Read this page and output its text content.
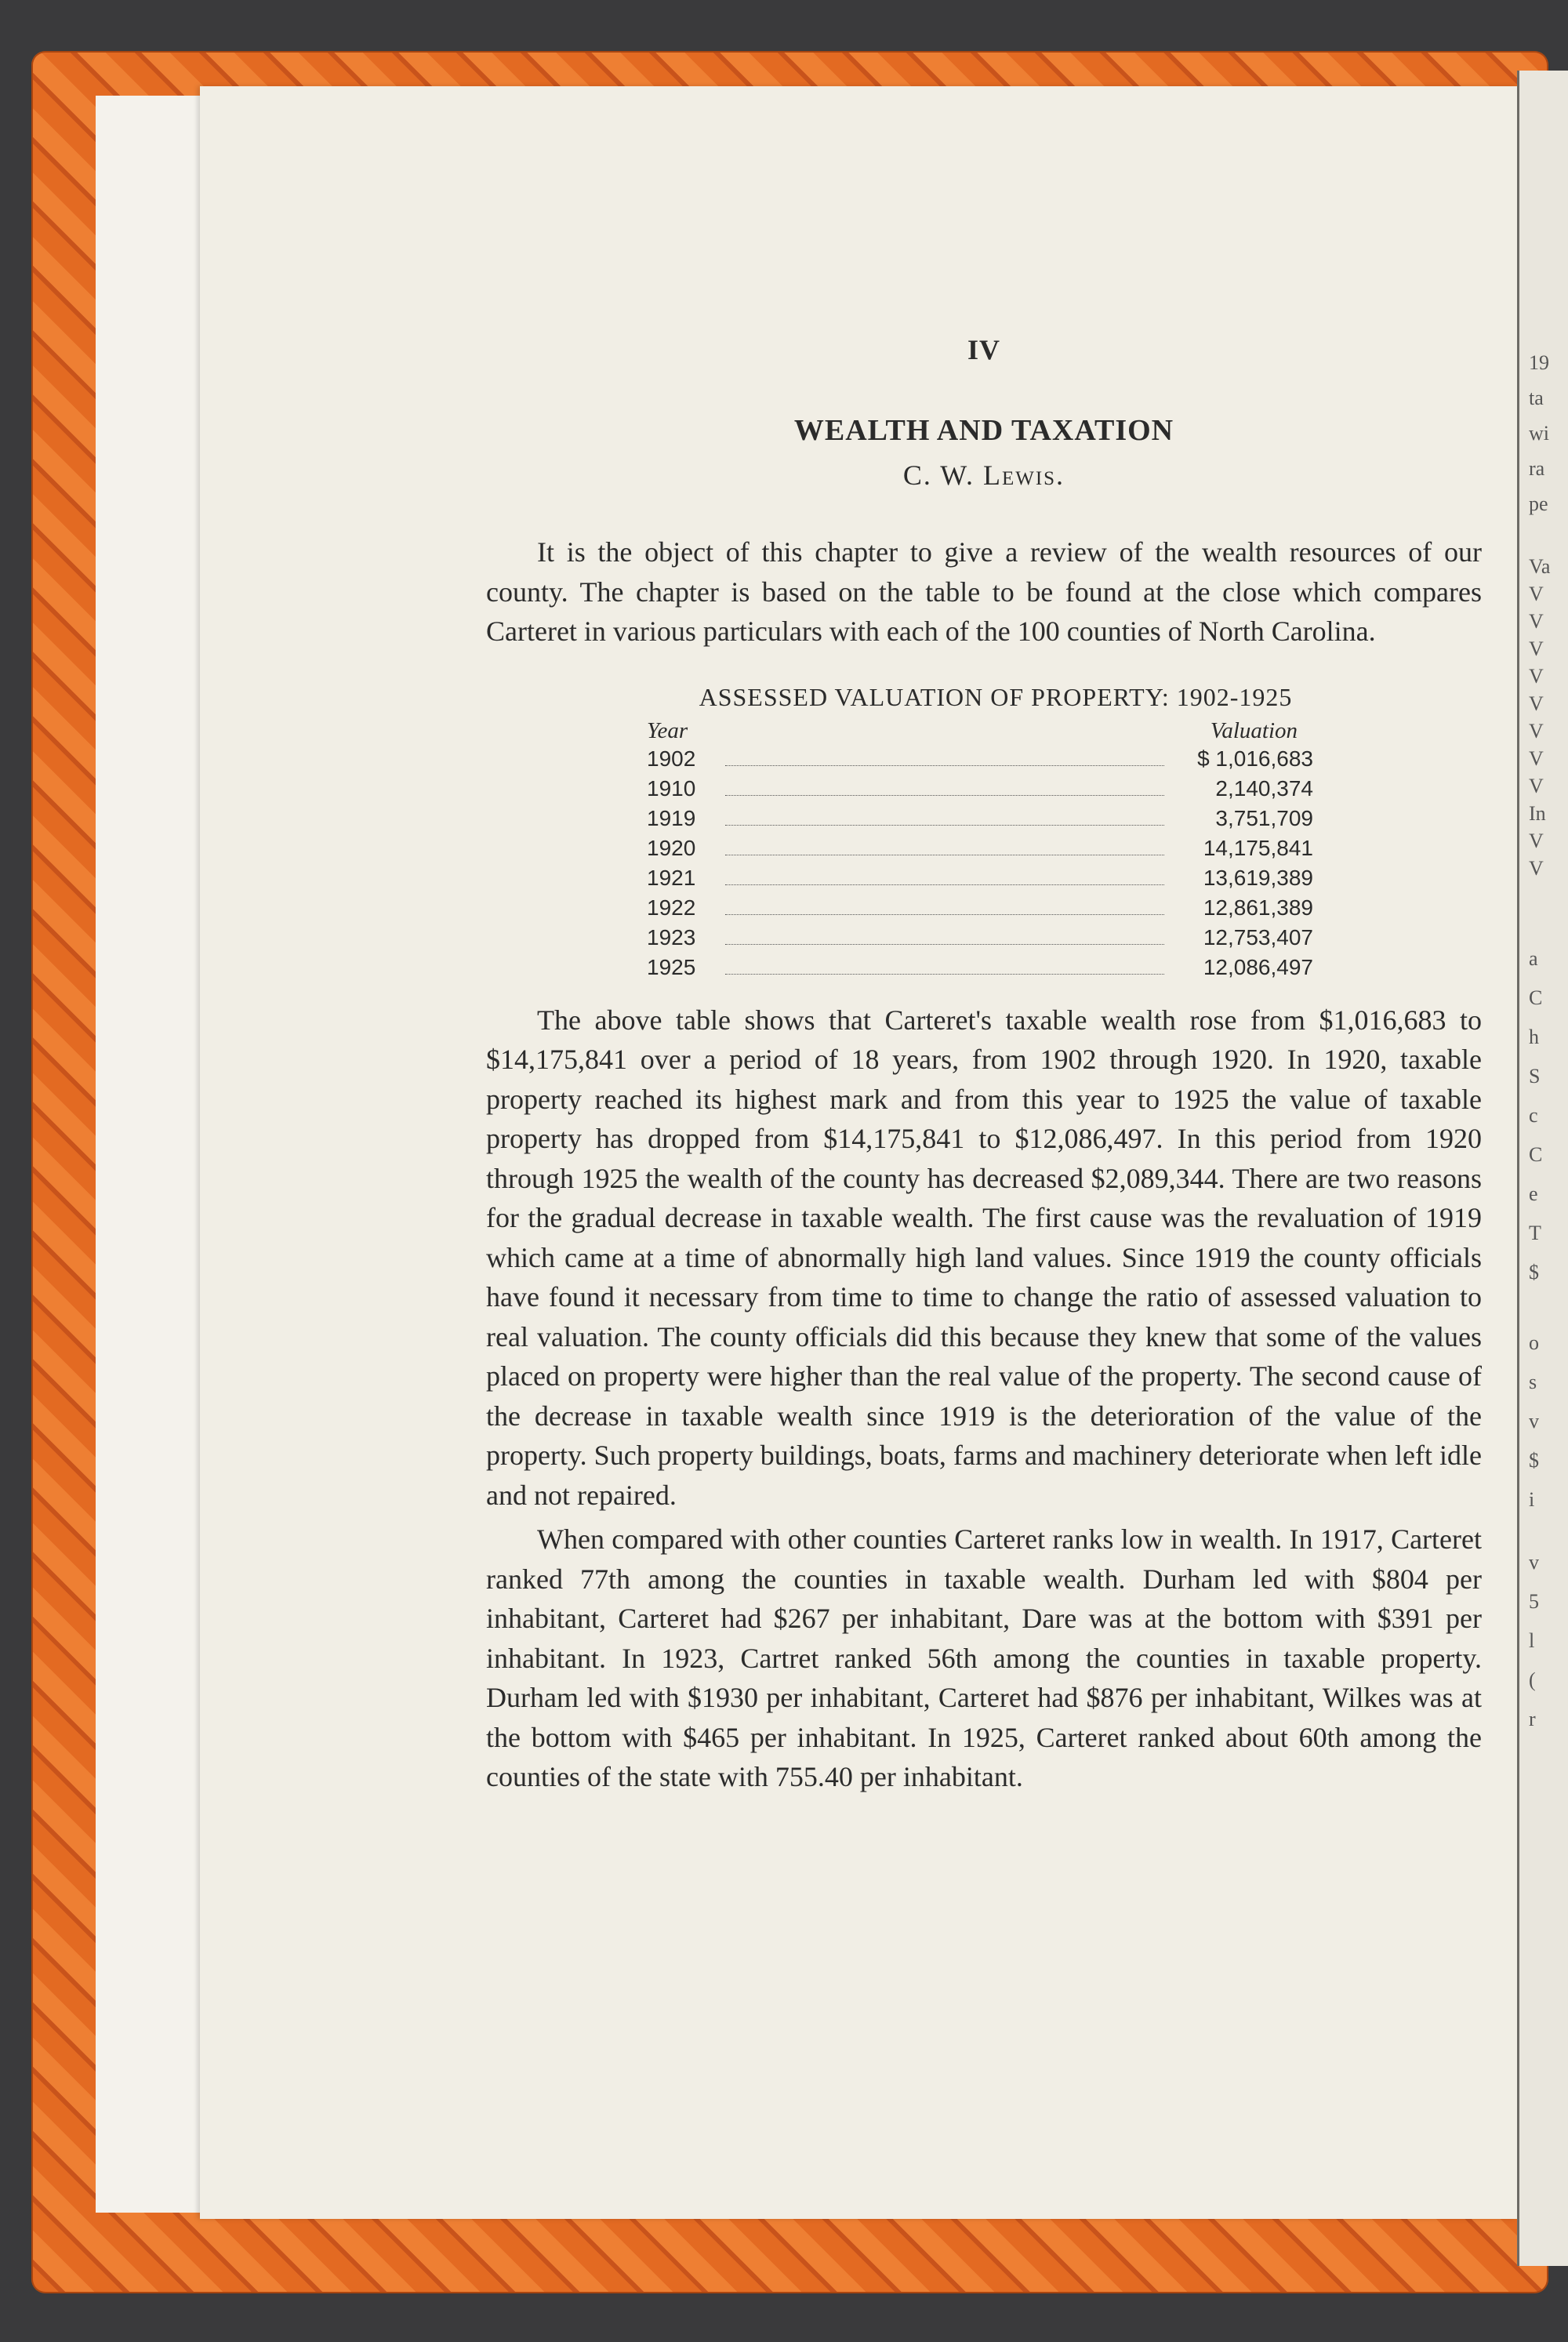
19
ta
wi
ra
pe
Va
V
V
V
V
V
V
V
V
In
V
V
a
C
h
S
c
C
e
T
$
o
s
v
$
i
v
5
l
(
r
IV
WEALTH AND TAXATION
C. W. Lewis.

It is the object of this chapter to give a review of the wealth resources of our county. The chapter is based on the table to be found at the close which compares Carteret in various particulars with each of the 100 counties of North Carolina.

ASSESSED VALUATION OF PROPERTY: 1902-1925
Year	Valuation
1902	$ 1,016,683
1910	2,140,374
1919	3,751,709
1920	14,175,841
1921	13,619,389
1922	12,861,389
1923	12,753,407
1925	12,086,497

The above table shows that Carteret's taxable wealth rose from $1,016,683 to $14,175,841 over a period of 18 years, from 1902 through 1920. In 1920, taxable property reached its highest mark and from this year to 1925 the value of taxable property has dropped from $14,175,841 to $12,086,497. In this period from 1920 through 1925 the wealth of the county has decreased $2,089,344. There are two reasons for the gradual decrease in taxable wealth. The first cause was the revaluation of 1919 which came at a time of abnormally high land values. Since 1919 the county officials have found it necessary from time to time to change the ratio of assessed valuation to real valuation. The county officials did this because they knew that some of the values placed on property were higher than the real value of the property. The second cause of the decrease in taxable wealth since 1919 is the deterioration of the value of the property. Such property buildings, boats, farms and machinery deteriorate when left idle and not repaired.

When compared with other counties Carteret ranks low in wealth. In 1917, Carteret ranked 77th among the counties in taxable wealth. Durham led with $804 per inhabitant, Carteret had $267 per inhabitant, Dare was at the bottom with $391 per inhabitant. In 1923, Cartret ranked 56th among the counties in taxable property. Durham led with $1930 per inhabitant, Carteret had $876 per inhabitant, Wilkes was at the bottom with $465 per inhabitant. In 1925, Carteret ranked about 60th among the counties of the state with 755.40 per inhabitant.
